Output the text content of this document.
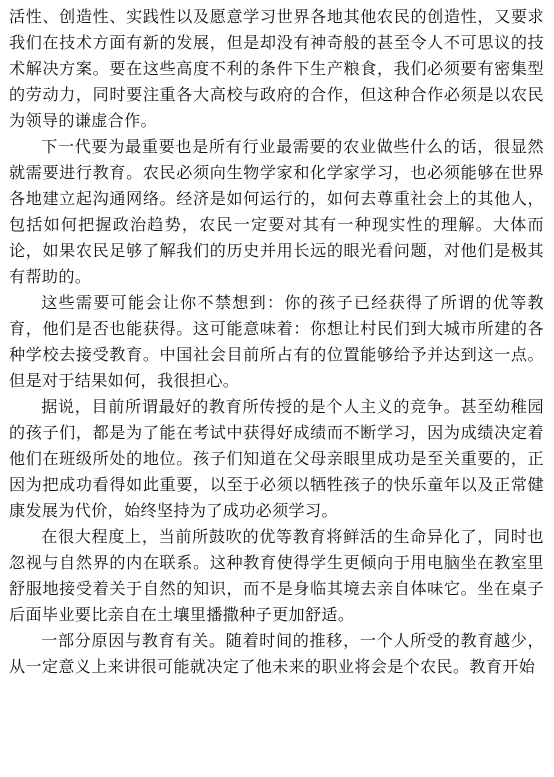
活性、创造性、实践性以及愿意学习世界各地其他农民的创造性，又要求我们在技术方面有新的发展，但是却没有神奇般的甚至令人不可思议的技术解决方案。要在这些高度不利的条件下生产粮食，我们必须要有密集型的劳动力，同时要注重各大高校与政府的合作，但这种合作必须是以农民为领导的谦虚合作。

下一代要为最重要也是所有行业最需要的农业做些什么的话，很显然就需要进行教育。农民必须向生物学家和化学家学习，也必须能够在世界各地建立起沟通网络。经济是如何运行的，如何去尊重社会上的其他人，包括如何把握政治趋势，农民一定要对其有一种现实性的理解。大体而论，如果农民足够了解我们的历史并用长远的眼光看问题，对他们是极其有帮助的。

这些需要可能会让你不禁想到：你的孩子已经获得了所谓的优等教育，他们是否也能获得。这可能意味着：你想让村民们到大城市所建的各种学校去接受教育。中国社会目前所占有的位置能够给予并达到这一点。但是对于结果如何，我很担心。

据说，目前所谓最好的教育所传授的是个人主义的竞争。甚至幼稚园的孩子们，都是为了能在考试中获得好成绩而不断学习，因为成绩决定着他们在班级所处的地位。孩子们知道在父母亲眼里成功是至关重要的，正因为把成功看得如此重要，以至于必须以牺牲孩子的快乐童年以及正常健康发展为代价，始终坚持为了成功必须学习。

在很大程度上，当前所鼓吹的优等教育将鲜活的生命异化了，同时也忽视与自然界的内在联系。这种教育使得学生更倾向于用电脑坐在教室里舒服地接受着关于自然的知识，而不是身临其境去亲自体味它。坐在桌子后面毕业要比亲自在土壤里播撒种子更加舒适。

一部分原因与教育有关。随着时间的推移，一个人所受的教育越少，从一定意义上来讲很可能就决定了他未来的职业将会是个农民。教育开始
